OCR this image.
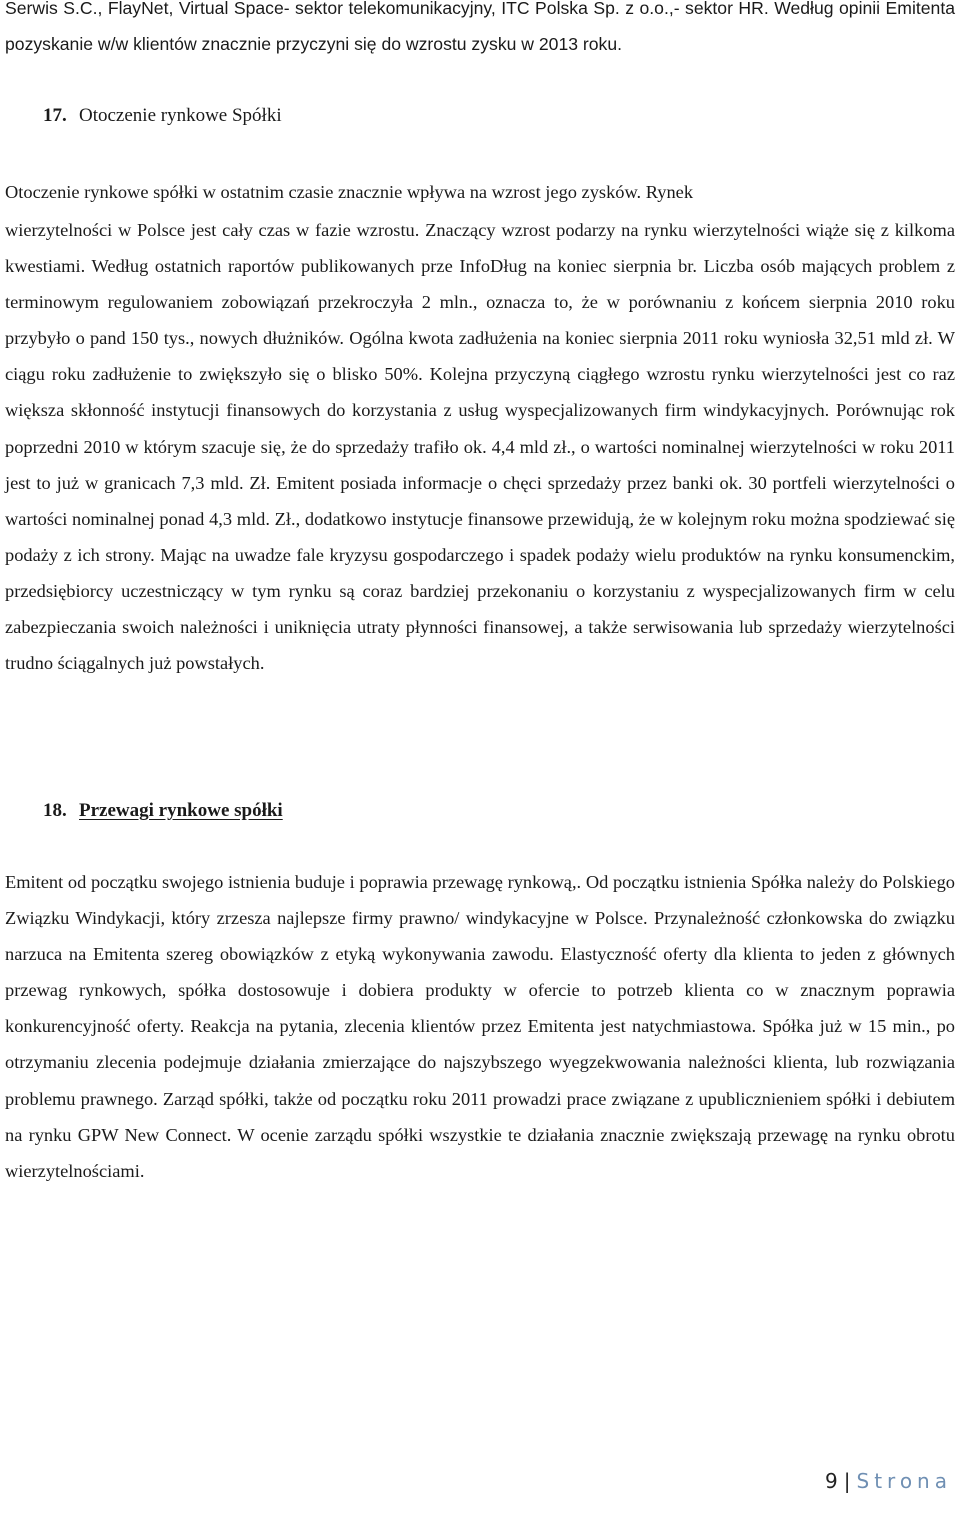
Serwis S.C., FlayNet, Virtual Space- sektor telekomunikacyjny, ITC Polska Sp. z o.o.,- sektor HR. Według opinii Emitenta pozyskanie w/w klientów znacznie przyczyni się do wzrostu zysku w 2013 roku.

17. Otoczenie rynkowe Spółki

Otoczenie rynkowe spółki w ostatnim czasie znacznie wpływa na wzrost jego zysków. Rynek

wierzytelności w Polsce jest cały czas w fazie wzrostu. Znaczący wzrost podarzy na rynku wierzytelności wiąże się z kilkoma kwestiami. Według ostatnich raportów publikowanych prze InfoDług na koniec sierpnia br. Liczba osób mających problem z terminowym regulowaniem zobowiązań przekroczyła 2 mln., oznacza to, że w porównaniu z końcem sierpnia 2010 roku przybyło o pand 150 tys., nowych dłużników. Ogólna kwota zadłużenia na koniec sierpnia 2011 roku wyniosła 32,51 mld zł. W ciągu roku zadłużenie to zwiększyło się o blisko 50%. Kolejna przyczyną ciągłego wzrostu rynku wierzytelności jest co raz większa skłonność instytucji finansowych do korzystania z usług wyspecjalizowanych firm windykacyjnych. Porównując rok poprzedni 2010 w którym szacuje się, że do sprzedaży trafiło ok. 4,4 mld zł., o wartości nominalnej wierzytelności w roku 2011 jest to już w granicach 7,3 mld. Zł. Emitent posiada informacje o chęci sprzedaży przez banki ok. 30 portfeli wierzytelności o wartości nominalnej ponad 4,3 mld. Zł., dodatkowo instytucje finansowe przewidują, że w kolejnym roku można spodziewać się podaży z ich strony. Mając na uwadze fale kryzysu gospodarczego i spadek podaży wielu produktów na rynku konsumenckim, przedsiębiorcy uczestniczący w tym rynku są coraz bardziej przekonaniu o korzystaniu z wyspecjalizowanych firm w celu zabezpieczania swoich należności i uniknięcia utraty płynności finansowej, a także serwisowania lub sprzedaży wierzytelności trudno ściągalnych już powstałych.

18. Przewagi rynkowe spółki

Emitent od początku swojego istnienia buduje i poprawia przewagę rynkową,. Od początku istnienia Spółka należy do Polskiego Związku Windykacji, który zrzesza najlepsze firmy prawno/ windykacyjne w Polsce. Przynależność członkowska do związku narzuca na Emitenta szereg obowiązków z etyką wykonywania zawodu. Elastyczność oferty dla klienta to jeden z głównych przewag rynkowych, spółka dostosowuje i dobiera produkty w ofercie to potrzeb klienta co w znacznym poprawia konkurencyjność oferty. Reakcja na pytania, zlecenia klientów przez Emitenta jest natychmiastowa. Spółka już w 15 min., po otrzymaniu zlecenia podejmuje działania zmierzające do najszybszego wyegzekwowania należności klienta, lub rozwiązania problemu prawnego. Zarząd spółki, także od początku roku 2011 prowadzi prace związane z upublicznieniem spółki i debiutem na rynku GPW New Connect. W ocenie zarządu spółki wszystkie te działania znacznie zwiększają przewagę na rynku obrotu wierzytelnościami.

9 | Strona
